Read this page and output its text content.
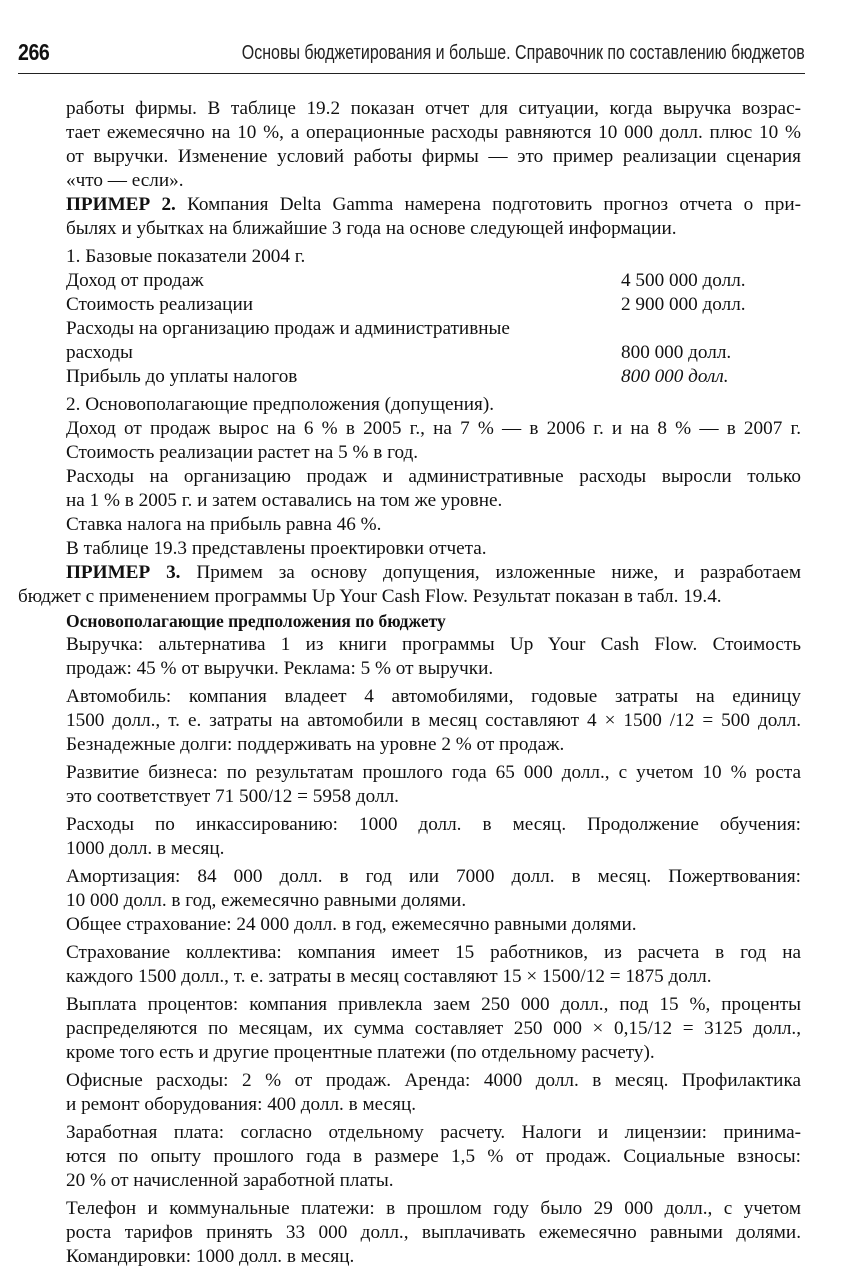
266	Основы бюджетирования и больше. Справочник по составлению бюджетов

работы фирмы. В таблице 19.2 показан отчет для ситуации, когда выручка возрас-

тает ежемесячно на 10 %, а операционные расходы равняются 10 000 долл. плюс 10 %

от выручки. Изменение условий работы фирмы — это пример реализации сценария

«что — если».

ПРИМЕР 2. Компания Delta Gamma намерена подготовить прогноз отчета о при-

былях и убытках на ближайшие 3 года на основе следующей информации.

1. Базовые показатели 2004 г.

Доход от продаж	4 500 000 долл.
Стоимость реализации	2 900 000 долл.
Расходы на организацию продаж и административные
расходы	800 000 долл.
Прибыль до уплаты налогов	800 000 долл.

2. Основополагающие предположения (допущения).

Доход от продаж вырос на 6 % в 2005 г., на 7 % — в 2006 г. и на 8 % — в 2007 г.

Стоимость реализации растет на 5 % в год.

Расходы на организацию продаж и административные расходы выросли только

на 1 % в 2005 г. и затем оставались на том же уровне.

Ставка налога на прибыль равна 46 %.

В таблице 19.3 представлены проектировки отчета.

ПРИМЕР 3. Примем за основу допущения, изложенные ниже, и разработаем

бюджет с применением программы Up Your Cash Flow. Результат показан в табл. 19.4.

Основополагающие предположения по бюджету

Выручка: альтернатива 1 из книги программы Up Your Cash Flow. Стоимость

продаж: 45 % от выручки. Реклама: 5 % от выручки.

Автомобиль: компания владеет 4 автомобилями, годовые затраты на единицу

1500 долл., т. е. затраты на автомобили в месяц составляют 4 × 1500 /12 = 500 долл.

Безнадежные долги: поддерживать на уровне 2 % от продаж.

Развитие бизнеса: по результатам прошлого года 65 000 долл., с учетом 10 % роста

это соответствует 71 500/12 = 5958 долл.

Расходы по инкассированию: 1000 долл. в месяц. Продолжение обучения:

1000 долл. в месяц.

Амортизация: 84 000 долл. в год или 7000 долл. в месяц. Пожертвования:

10 000 долл. в год, ежемесячно равными долями.

Общее страхование: 24 000 долл. в год, ежемесячно равными долями.

Страхование коллектива: компания имеет 15 работников, из расчета в год на

каждого 1500 долл., т. е. затраты в месяц составляют 15 × 1500/12 = 1875 долл.

Выплата процентов: компания привлекла заем 250 000 долл., под 15 %, проценты

распределяются по месяцам, их сумма составляет 250 000 × 0,15/12 = 3125 долл.,

кроме того есть и другие процентные платежи (по отдельному расчету).

Офисные расходы: 2 % от продаж. Аренда: 4000 долл. в месяц. Профилактика

и ремонт оборудования: 400 долл. в месяц.

Заработная плата: согласно отдельному расчету. Налоги и лицензии: принима-

ются по опыту прошлого года в размере 1,5 % от продаж. Социальные взносы:

20 % от начисленной заработной платы.

Телефон и коммунальные платежи: в прошлом году было 29 000 долл., с учетом

роста тарифов принять 33 000 долл., выплачивать ежемесячно равными долями.

Командировки: 1000 долл. в месяц.
